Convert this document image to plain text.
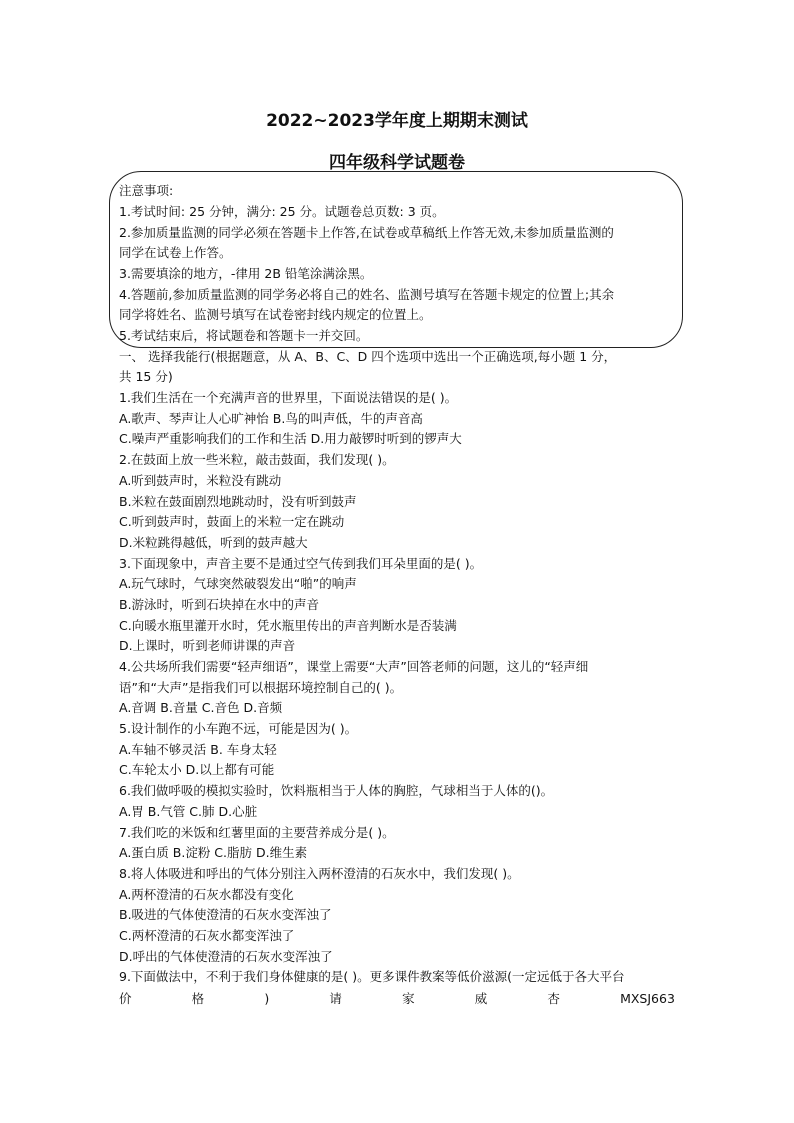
2022~2023学年度上期期末测试
四年级科学试题卷
注意事项:
1.考试时间: 25 分钟，满分: 25 分。试题卷总页数: 3 页。
2.参加质量监测的同学必须在答题卡上作答,在试卷或草稿纸上作答无效,未参加质量监测的
同学在试卷上作答。
3.需要填涂的地方，-律用 2B 铅笔涂满涂黑。
4.答题前,参加质量监测的同学务必将自己的姓名、监测号填写在答题卡规定的位置上;其余
同学将姓名、监测号填写在试卷密封线内规定的位置上。
5.考试结束后，将试题卷和答题卡一并交回。
一、 选择我能行(根据题意，从 A、B、C、D 四个选项中选出一个正确选项,每小题 1 分，
共 15 分)
1.我们生活在一个充满声音的世界里，下面说法错误的是( )。
A.歌声、琴声让人心旷神怡 B.鸟的叫声低，牛的声音高
C.噪声严重影响我们的工作和生活 D.用力敲锣时听到的锣声大
2.在鼓面上放一些米粒，敲击鼓面，我们发现( )。
A.听到鼓声时，米粒没有跳动
B.米粒在鼓面剧烈地跳动时，没有听到鼓声
C.听到鼓声时，鼓面上的米粒一定在跳动
D.米粒跳得越低，听到的鼓声越大
3.下面现象中，声音主要不是通过空气传到我们耳朵里面的是( )。
A.玩气球时，气球突然破裂发出“啪”的响声
B.游泳时，听到石块掉在水中的声音
C.向暖水瓶里灌开水时，凭水瓶里传出的声音判断水是否装满
D.上课时，听到老师讲课的声音
4.公共场所我们需要“轻声细语”，课堂上需要“大声”回答老师的问题，这儿的“轻声细
语”和“大声”是指我们可以根据环境控制自己的( )。
A.音调 B.音量 C.音色 D.音频
5.设计制作的小车跑不远，可能是因为( )。
A.车轴不够灵活 B. 车身太轻
C.车轮太小 D.以上都有可能
6.我们做呼吸的模拟实验时，饮料瓶相当于人体的胸腔，气球相当于人体的()。
A.胃 B.气管 C.肺 D.心脏
7.我们吃的米饭和红薯里面的主要营养成分是( )。
A.蛋白质 B.淀粉 C.脂肪 D.维生素
8.将人体吸进和呼出的气体分别注入两杯澄清的石灰水中，我们发现( )。
A.两杯澄清的石灰水都没有变化
B.吸进的气体使澄清的石灰水变浑浊了
C.两杯澄清的石灰水都变浑浊了
D.呼出的气体使澄清的石灰水变浑浊了
9.下面做法中，不利于我们身体健康的是( )。更多课件教案等低价滋源(一定远低于各大平台
价	格	)	请	家	威	杏	MXSJ663
